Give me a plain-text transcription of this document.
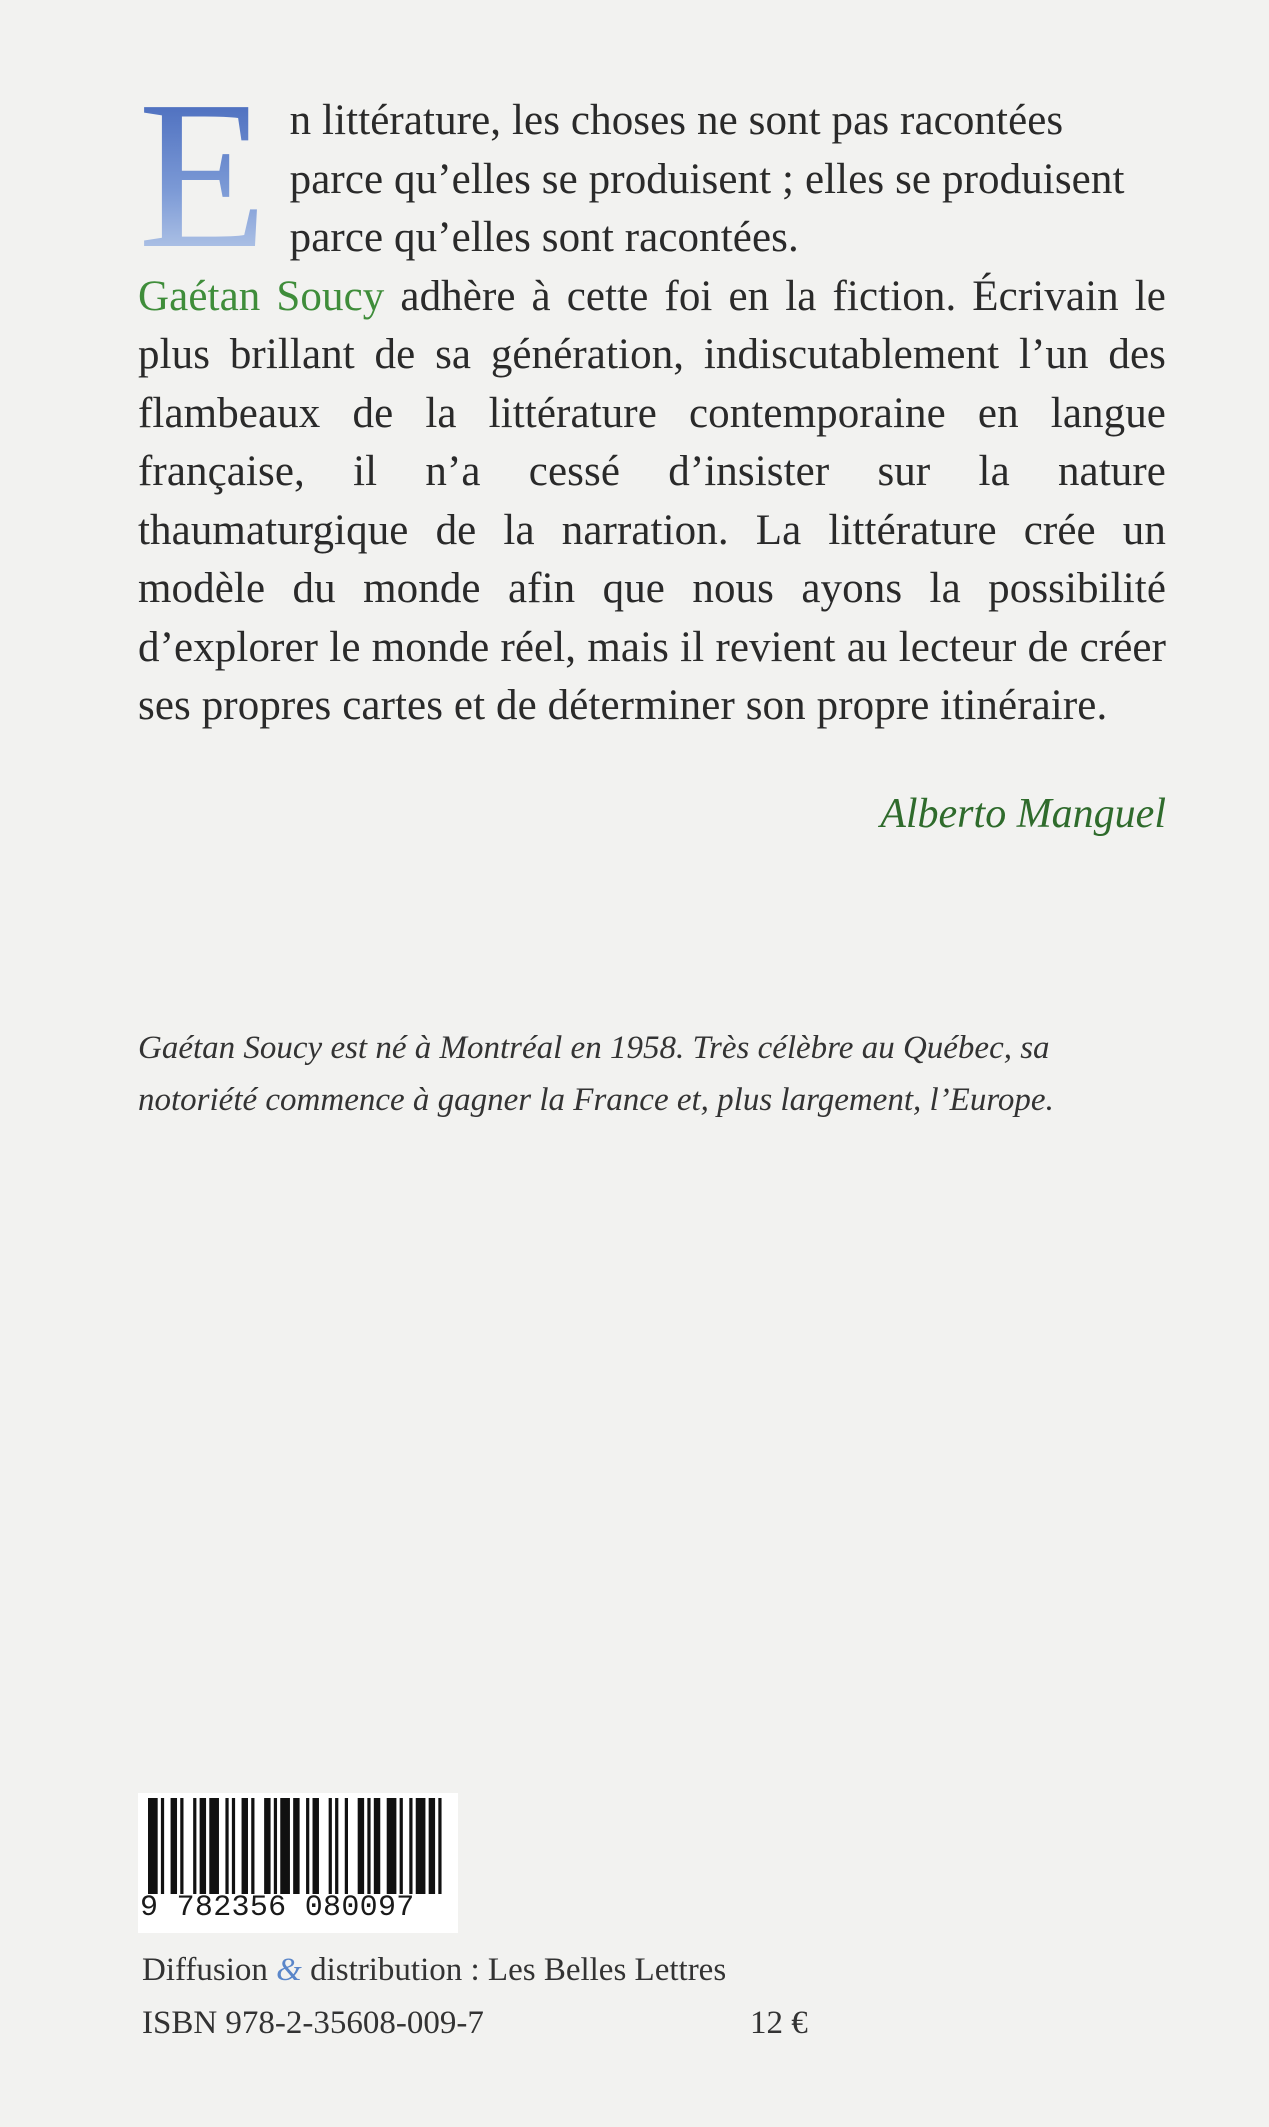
E n littérature, les choses ne sont pas racontées
parce qu’elles se produisent ; elles se produisent
parce qu’elles sont racontées.

Gaétan Soucy adhère à cette foi en la fiction. Écrivain le plus brillant de sa génération, indiscutablement l’un des flambeaux de la littérature contemporaine en langue française, il n’a cessé d’insister sur la nature thaumaturgique de la narration. La littérature crée un modèle du monde afin que nous ayons la possibilité d’explorer le monde réel, mais il revient au lecteur de créer ses propres cartes et de déterminer son propre itinéraire.

Alberto Manguel

Gaétan Soucy est né à Montréal en 1958. Très célèbre au Québec, sa notoriété commence à gagner la France et, plus largement, l’Europe.

9 782356 080097
Diffusion & distribution : Les Belles Lettres
ISBN 978-2-35608-009-7	12 €
